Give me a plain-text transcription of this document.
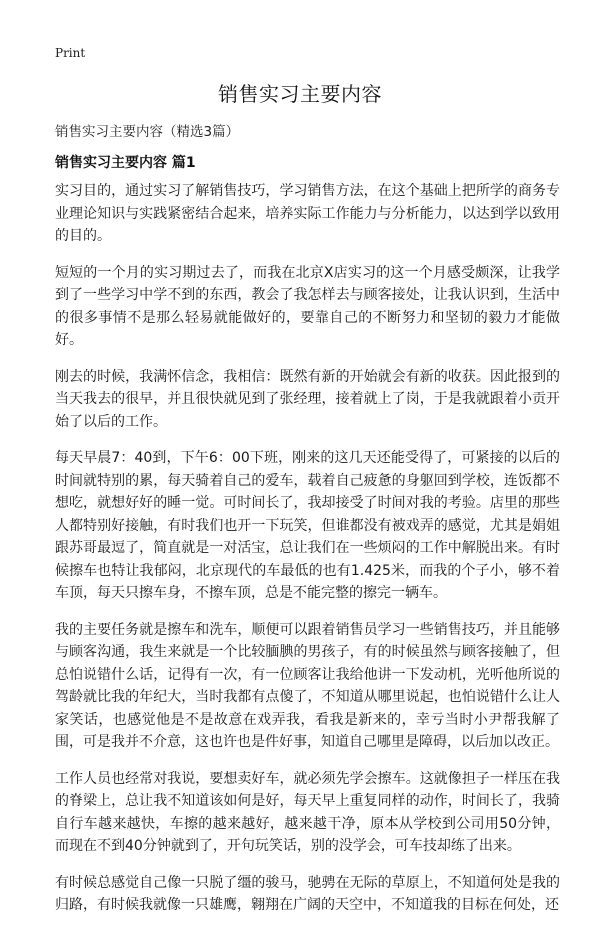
Print
销售实习主要内容
销售实习主要内容（精选3篇）
销售实习主要内容 篇1

实习目的，通过实习了解销售技巧，学习销售方法，在这个基础上把所学的商务专业理论知识与实践紧密结合起来，培养实际工作能力与分析能力，以达到学以致用的目的。

短短的一个月的实习期过去了，而我在北京X店实习的这一个月感受颇深，让我学到了一些学习中学不到的东西，教会了我怎样去与顾客接处，让我认识到，生活中的很多事情不是那么轻易就能做好的，要靠自己的不断努力和坚韧的毅力才能做好。

刚去的时候，我满怀信念，我相信：既然有新的开始就会有新的收获。因此报到的当天我去的很早，并且很快就见到了张经理，接着就上了岗，于是我就跟着小贡开始了以后的工作。

每天早晨7：40到，下午6：00下班，刚来的这几天还能受得了，可紧接的以后的时间就特别的累，每天骑着自己的爱车，载着自己疲惫的身躯回到学校，连饭都不想吃，就想好好的睡一觉。可时间长了，我却接受了时间对我的考验。店里的那些人都特别好接触，有时我们也开一下玩笑，但谁都没有被戏弄的感觉，尤其是娟姐跟苏哥最逗了，简直就是一对活宝，总让我们在一些烦闷的工作中解脱出来。有时候擦车也特让我郁闷，北京现代的车最低的也有1.425米，而我的个子小，够不着车顶，每天只擦车身，不擦车顶，总是不能完整的擦完一辆车。

我的主要任务就是擦车和洗车，顺便可以跟着销售员学习一些销售技巧，并且能够与顾客沟通，我生来就是一个比较腼腆的男孩子，有的时候虽然与顾客接触了，但总怕说错什么话，记得有一次，有一位顾客让我给他讲一下发动机，光听他所说的驾龄就比我的年纪大，当时我都有点傻了，不知道从哪里说起，也怕说错什么让人家笑话，也感觉他是不是故意在戏弄我，看我是新来的，幸亏当时小尹帮我解了围，可是我并不介意，这也许也是件好事，知道自己哪里是障碍，以后加以改正。

工作人员也经常对我说，要想卖好车，就必须先学会擦车。这就像担子一样压在我的脊梁上，总让我不知道该如何是好，每天早上重复同样的动作，时间长了，我骑自行车越来越快，车擦的越来越好，越来越干净，原本从学校到公司用50分钟，而现在不到40分钟就到了，开句玩笑话，别的没学会，可车技却练了出来。

有时候总感觉自己像一只脱了缰的骏马，驰骋在无际的草原上，不知道何处是我的归路，有时候我就像一只雄鹰，翱翔在广阔的天空中，不知道我的目标在何处，还
